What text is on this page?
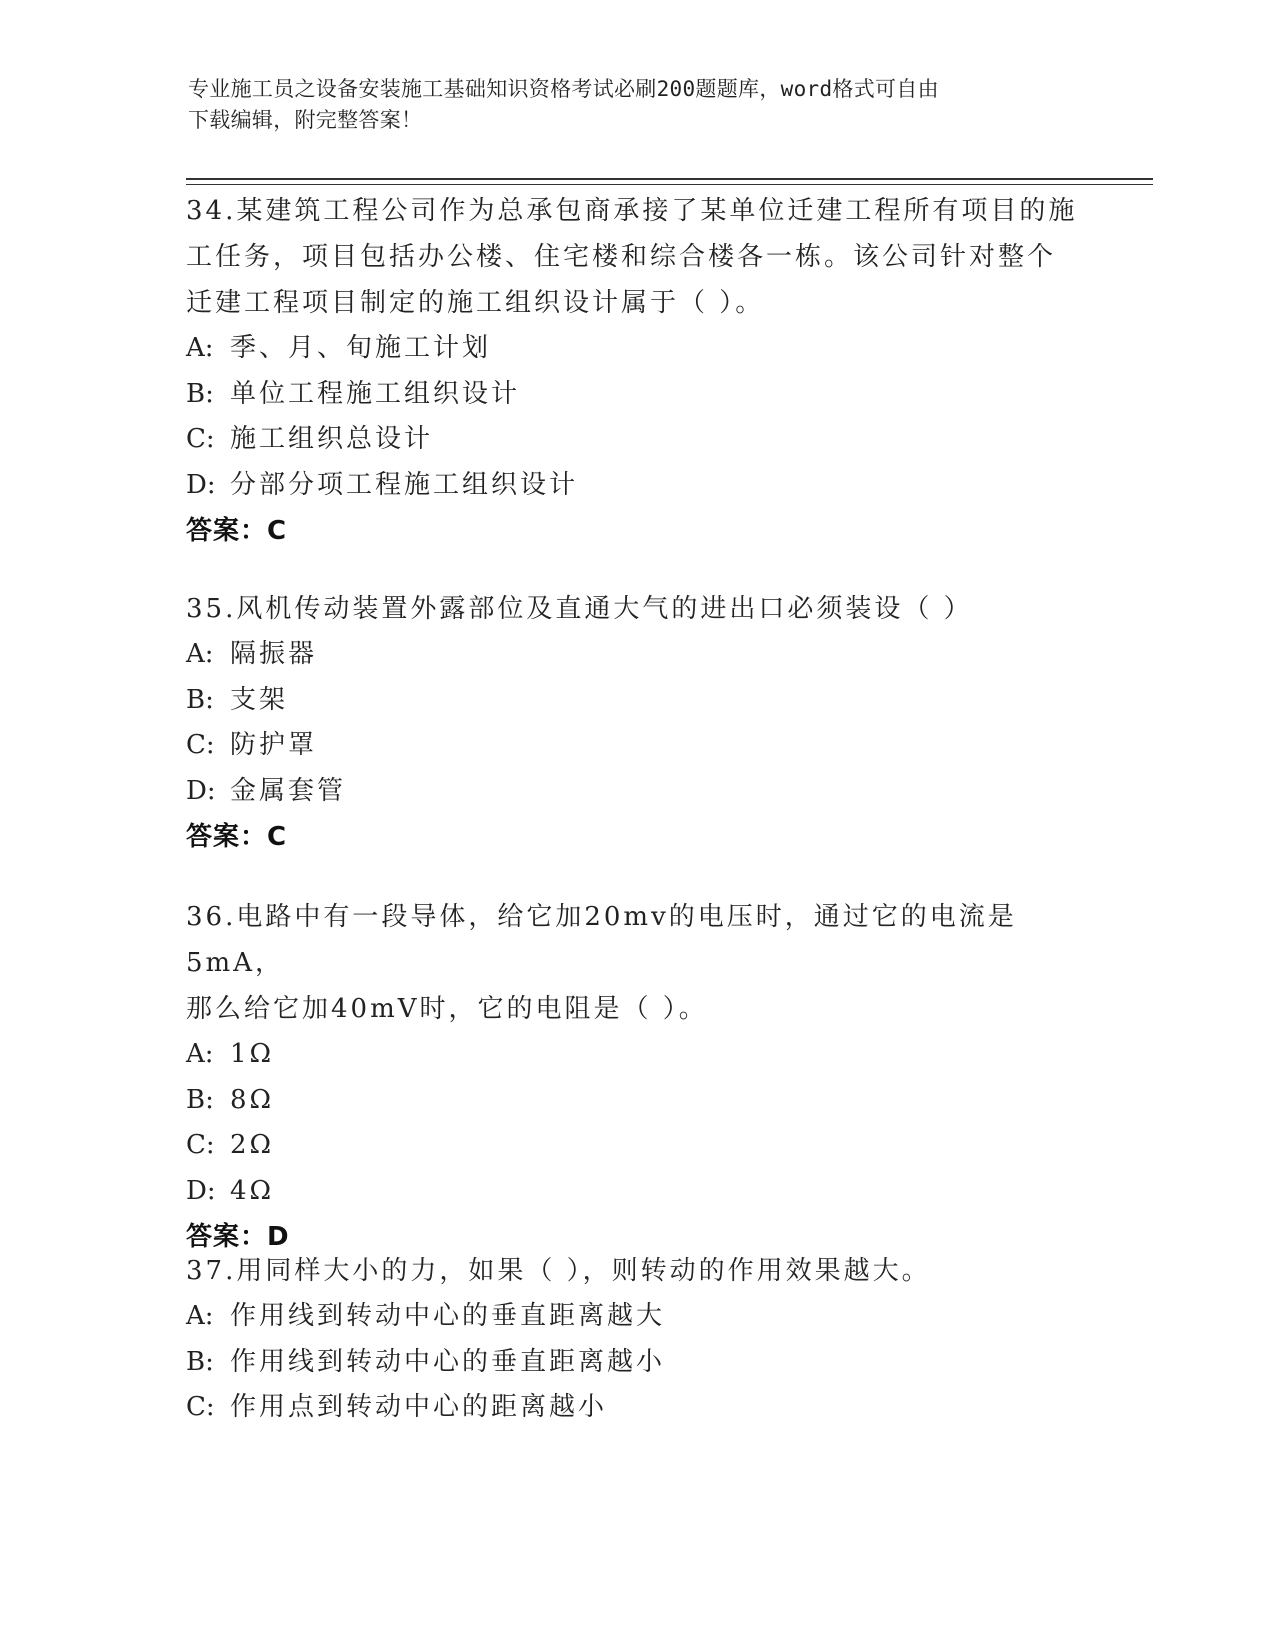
专业施工员之设备安装施工基础知识资格考试必刷200题题库，word格式可自由
下载编辑，附完整答案！

34.某建筑工程公司作为总承包商承接了某单位迁建工程所有项目的施
工任务，项目包括办公楼、住宅楼和综合楼各一栋。该公司针对整个
迁建工程项目制定的施工组织设计属于（ ）。

A: 季、月、旬施工计划

B: 单位工程施工组织设计

C: 施工组织总设计

D: 分部分项工程施工组织设计

答案：C

35.风机传动装置外露部位及直通大气的进出口必须装设（ ）

A: 隔振器

B: 支架

C: 防护罩

D: 金属套管

答案：C

36.电路中有一段导体，给它加20mv的电压时，通过它的电流是5mA，
那么给它加40mV时，它的电阻是（ ）。

A: 1Ω

B: 8Ω

C: 2Ω

D: 4Ω

答案：D

37.用同样大小的力，如果（ ），则转动的作用效果越大。

A: 作用线到转动中心的垂直距离越大

B: 作用线到转动中心的垂直距离越小

C: 作用点到转动中心的距离越小
